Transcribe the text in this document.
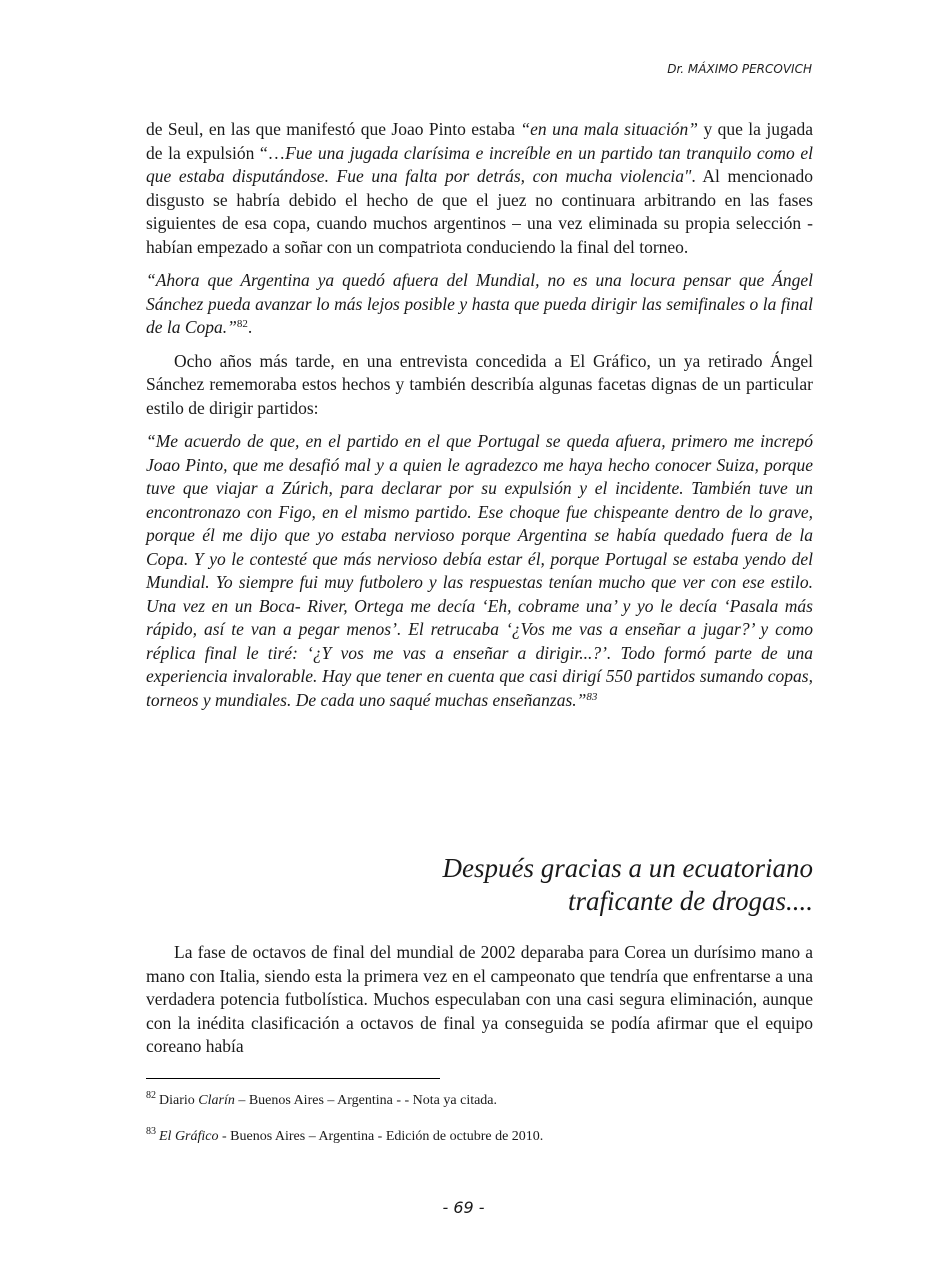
Dr. MÁXIMO PERCOVICH

de Seul, en las que manifestó que Joao Pinto estaba “en una mala situación” y que la jugada de la expulsión “…Fue una jugada clarísima e increíble en un partido tan tranquilo como el que estaba disputándose. Fue una falta por detrás, con mucha violencia". Al mencionado disgusto se habría debido el hecho de que el juez no continuara arbitrando en las fases siguientes de esa copa, cuando muchos argentinos – una vez eliminada su propia selección - habían empezado a soñar con un compatriota conduciendo la final del torneo.

“Ahora que Argentina ya quedó afuera del Mundial, no es una locura pensar que Ángel Sánchez pueda avanzar lo más lejos posible y hasta que pueda dirigir las semifinales o la final de la Copa.”$^{82}$.

Ocho años más tarde, en una entrevista concedida a El Gráfico, un ya retirado Ángel Sánchez rememoraba estos hechos y también describía algunas facetas dignas de un particular estilo de dirigir partidos:

“Me acuerdo de que, en el partido en el que Portugal se queda afuera, primero me increpó Joao Pinto, que me desafió mal y a quien le agradezco me haya hecho conocer Suiza, porque tuve que viajar a Zúrich, para declarar por su expulsión y el incidente. También tuve un encontronazo con Figo, en el mismo partido. Ese choque fue chispeante dentro de lo grave, porque él me dijo que yo estaba nervioso porque Argentina se había quedado fuera de la Copa. Y yo le contesté que más nervioso debía estar él, porque Portugal se estaba yendo del Mundial. Yo siempre fui muy futbolero y las respuestas tenían mucho que ver con ese estilo. Una vez en un Boca- River, Ortega me decía ‘Eh, cobrame una’ y yo le decía ‘Pasala más rápido, así te van a pegar menos’. El retrucaba ‘¿Vos me vas a enseñar a jugar?’ y como réplica final le tiré: ‘¿Y vos me vas a enseñar a dirigir...?’. Todo formó parte de una experiencia invalorable. Hay que tener en cuenta que casi dirigí 550 partidos sumando copas, torneos y mundiales. De cada uno saqué muchas enseñanzas.”$^{83}$

Después gracias a un ecuatoriano
traficante de drogas....

La fase de octavos de final del mundial de 2002 deparaba para Corea un durísimo mano a mano con Italia, siendo esta la primera vez en el campeonato que tendría que enfrentarse a una verdadera potencia futbolística. Muchos especulaban con una casi segura eliminación, aunque con la inédita clasificación a octavos de final ya conseguida se podía afirmar que el equipo coreano había

$^{82}$ Diario Clarín – Buenos Aires – Argentina - - Nota ya citada.
$^{83}$ El Gráfico - Buenos Aires – Argentina - Edición de octubre de 2010.
- 69 -
